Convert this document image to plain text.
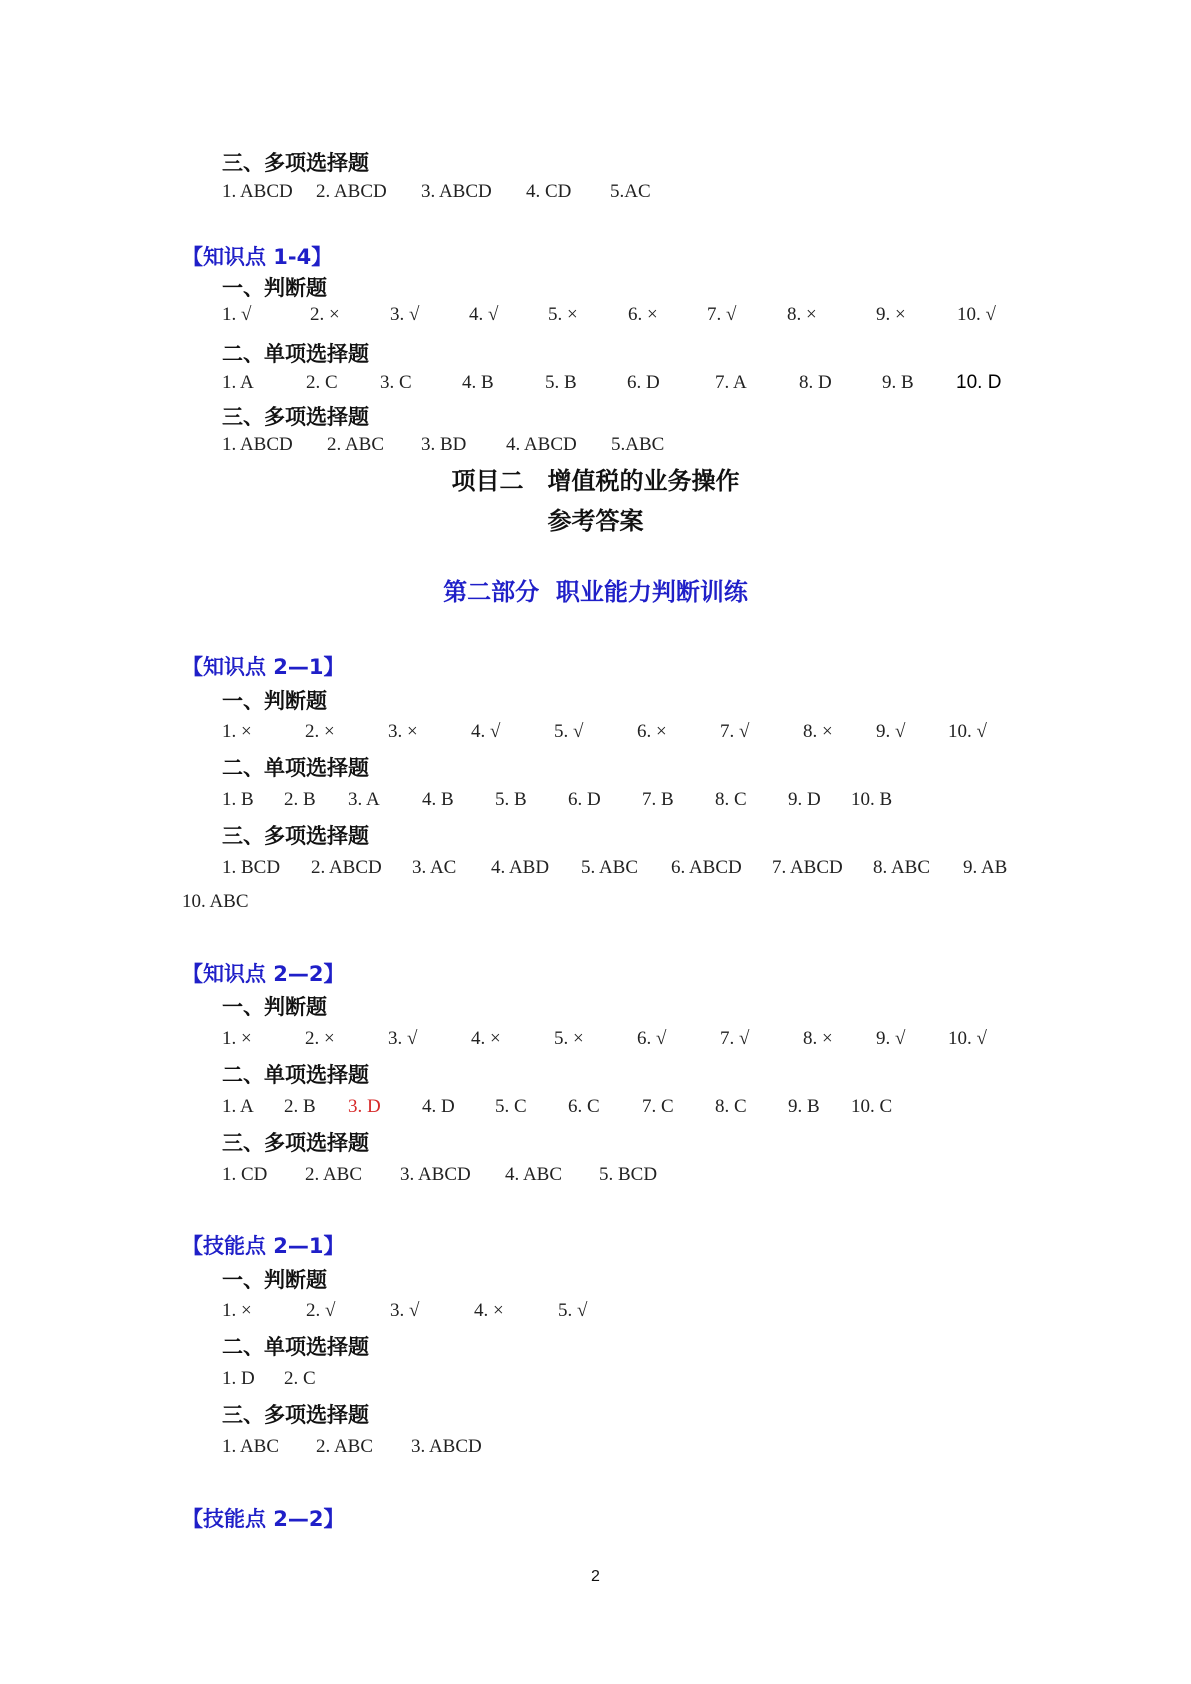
三、多项选择题
1. ABCD 2. ABCD 3. ABCD 4. CD 5.AC
【知识点 1-4】
一、判断题
1. √	2. ×	3. √	4. √	5. ×	6. ×	7. √	8. ×	9. ×	10. √
二、单项选择题
1. A	2. C 3. C	4. B	5. B	6. D	7. A	8. D	9. B 10. D
三、多项选择题
1. ABCD 2. ABC 3. BD 4. ABCD 5.ABC
项目二　增值税的业务操作
参考答案
第二部分  职业能力判断训练
【知识点 2—1】
一、判断题
1. ×	2. ×	3. ×	4. √	5. √	6. ×	7. √	8. × 9. √ 10. √
二、单项选择题
1. B 2. B 3. A 4. B 5. B 6. D 7. B 8. C 9. D 10. B
三、多项选择题
1. BCD 2. ABCD 3. AC 4. ABD 5. ABC 6. ABCD 7. ABCD 8. ABC 9. AB
10. ABC
【知识点 2—2】
一、判断题
1. ×	2. ×	3. √	4. ×	5. ×	6. √	7. √	8. × 9. √ 10. √
二、单项选择题
1. A 2. B 3. D 4. D 5. C 6. C 7. C 8. C 9. B 10. C
三、多项选择题
1. CD 2. ABC 3. ABCD 4. ABC 5. BCD
【技能点 2—1】
一、判断题
1. ×	2. √	3. √	4. ×	5. √
二、单项选择题
1. D 2. C
三、多项选择题
1. ABC 2. ABC 3. ABCD
【技能点 2—2】
2
